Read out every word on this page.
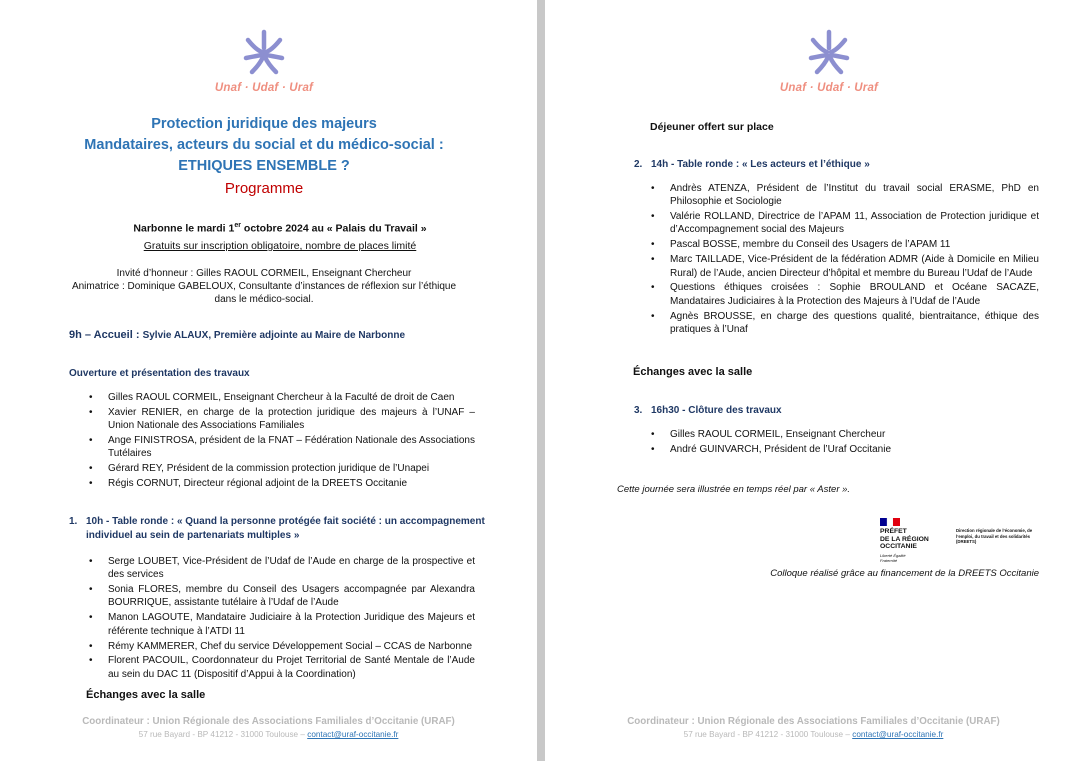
Unaf · Udaf · Uraf
Protection juridique des majeurs
Mandataires, acteurs du social et du médico-social :
ETHIQUES ENSEMBLE ?
Programme
Narbonne le mardi 1er octobre 2024 au « Palais du Travail »
Gratuits sur inscription obligatoire, nombre de places limité
Invité d’honneur : Gilles RAOUL CORMEIL, Enseignant Chercheur
Animatrice : Dominique GABELOUX, Consultante d’instances de réflexion sur l’éthique
dans le médico-social.
9h – Accueil : Sylvie ALAUX, Première adjointe au Maire de Narbonne
Ouverture et présentation des travaux
• Gilles RAOUL CORMEIL, Enseignant Chercheur à la Faculté de droit de Caen
• Xavier RENIER, en charge de la protection juridique des majeurs à l’UNAF – Union Nationale des Associations Familiales
• Ange FINISTROSA, président de la FNAT – Fédération Nationale des Associations Tutélaires
• Gérard REY, Président de la commission protection juridique de l’Unapei
• Régis CORNUT, Directeur régional adjoint de la DREETS Occitanie
1. 10h - Table ronde : « Quand la personne protégée fait société : un accompagnement
individuel au sein de partenariats multiples »
• Serge LOUBET, Vice-Président de l’Udaf de l’Aude en charge de la prospective et des services
• Sonia FLORES, membre du Conseil des Usagers accompagnée par Alexandra BOURRIQUE, assistante tutélaire à l’Udaf de l’Aude
• Manon LAGOUTE, Mandataire Judiciaire à la Protection Juridique des Majeurs et référente technique à l’ATDI 11
• Rémy KAMMERER, Chef du service Développement Social – CCAS de Narbonne
• Florent PACOUIL, Coordonnateur du Projet Territorial de Santé Mentale de l’Aude au sein du DAC 11 (Dispositif d’Appui à la Coordination)
Échanges avec la salle
Coordinateur : Union Régionale des Associations Familiales d’Occitanie (URAF)
57 rue Bayard - BP 41212 - 31000 Toulouse – contact@uraf-occitanie.fr
Unaf · Udaf · Uraf
Déjeuner offert sur place
2. 14h - Table ronde : « Les acteurs et l’éthique »
• Andrès ATENZA, Président de l’Institut du travail social ERASME, PhD en Philosophie et Sociologie
• Valérie ROLLAND, Directrice de l’APAM 11, Association de Protection juridique et d’Accompagnement social des Majeurs
• Pascal BOSSE, membre du Conseil des Usagers de l’APAM 11
• Marc TAILLADE, Vice-Président de la fédération ADMR (Aide à Domicile en Milieu Rural) de l’Aude, ancien Directeur d’hôpital et membre du Bureau l’Udaf de l’Aude
• Questions éthiques croisées : Sophie BROULAND et Océane SACAZE, Mandataires Judiciaires à la Protection des Majeurs à l’Udaf de l’Aude
• Agnès BROUSSE, en charge des questions qualité, bientraitance, éthique des pratiques à l’Unaf
Échanges avec la salle
3. 16h30 - Clôture des travaux
• Gilles RAOUL CORMEIL, Enseignant Chercheur
• André GUINVARCH, Président de l’Uraf Occitanie
Cette journée sera illustrée en temps réel par « Aster ».
PRÉFET
DE LA RÉGION
OCCITANIE
Liberté Égalité Fraternité
Direction régionale de l’économie, de l’emploi, du travail et des solidarités (DREETS)
Colloque réalisé grâce au financement de la DREETS Occitanie
Coordinateur : Union Régionale des Associations Familiales d’Occitanie (URAF)
57 rue Bayard - BP 41212 - 31000 Toulouse – contact@uraf-occitanie.fr
